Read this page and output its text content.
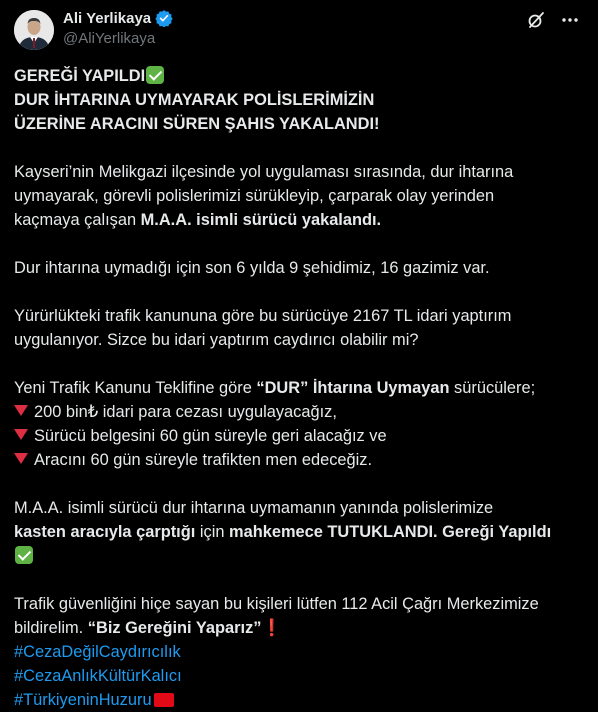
Ali Yerlikaya
@AliYerlikaya

GEREĞİ YAPILDI

DUR İHTARINA UYMAYARAK POLİSLERİMİZİN

ÜZERİNE ARACINI SÜREN ŞAHIS YAKALANDI!

Kayseri’nin Melikgazi ilçesinde yol uygulaması sırasında, dur ihtarına

uymayarak, görevli polislerimizi sürükleyip, çarparak olay yerinden

kaçmaya çalışan M.A.A. isimli sürücü yakalandı.

Dur ihtarına uymadığı için son 6 yılda 9 şehidimiz, 16 gazimiz var.

Yürürlükteki trafik kanununa göre bu sürücüye 2167 TL idari yaptırım

uygulanıyor. Sizce bu idari yaptırım caydırıcı olabilir mi?

Yeni Trafik Kanunu Teklifine göre “DUR” İhtarına Uymayan sürücülere;

200 bin₺ idari para cezası uygulayacağız,

Sürücü belgesini 60 gün süreyle geri alacağız ve

Aracını 60 gün süreyle trafikten men edeceğiz.

M.A.A. isimli sürücü dur ihtarına uymamanın yanında polislerimize

kasten aracıyla çarptığı için mahkemece TUTUKLANDI. Gereği Yapıldı

Trafik güvenliğini hiçe sayan bu kişileri lütfen 112 Acil Çağrı Merkezimize

bildirelim. “Biz Gereğini Yaparız”❗

#CezaDeğilCaydırıcılık

#CezaAnlıkKültürKalıcı

#TürkiyeninHuzuru
